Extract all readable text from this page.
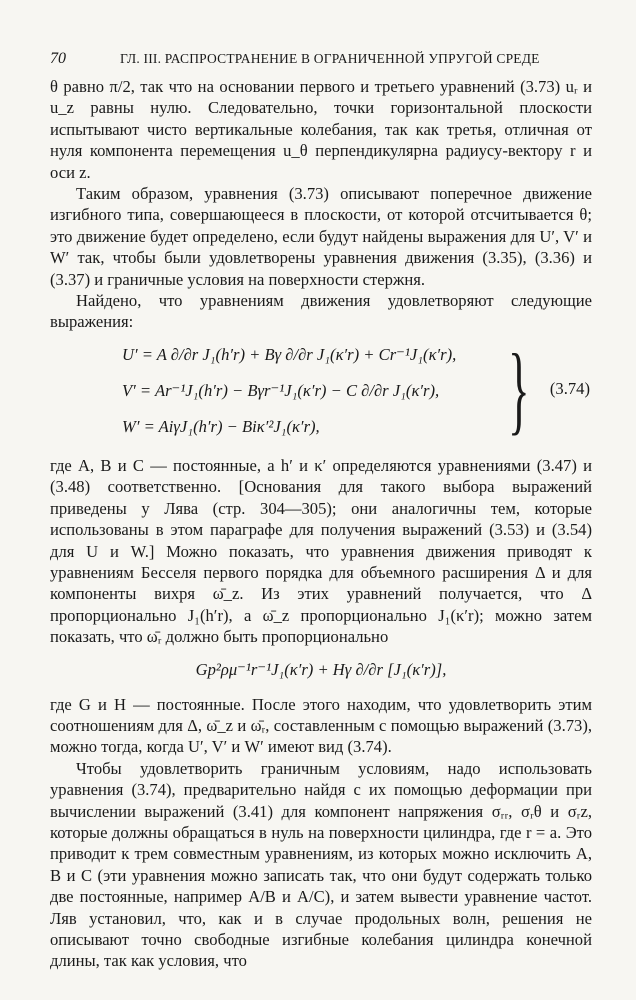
70	ГЛ. III. РАСПРОСТРАНЕНИЕ В ОГРАНИЧЕННОЙ УПРУГОЙ СРЕДЕ

θ равно π/2, так что на основании первого и третьего уравнений (3.73) uᵣ и u_z равны нулю. Следовательно, точки горизонтальной плоскости испытывают чисто вертикальные колебания, так как третья, отличная от нуля компонента перемещения u_θ перпендикулярна радиусу-вектору r и оси z.

Таким образом, уравнения (3.73) описывают поперечное движение изгибного типа, совершающееся в плоскости, от которой отсчитывается θ; это движение будет определено, если будут найдены выражения для U′, V′ и W′ так, чтобы были удовлетворены уравнения движения (3.35), (3.36) и (3.37) и граничные условия на поверхности стержня.

Найдено, что уравнениям движения удовлетворяют следующие выражения:

U′ = A ∂/∂r J₁(h′r) + Bγ ∂/∂r J₁(κ′r) + Cr⁻¹J₁(κ′r),
V′ = Ar⁻¹J₁(h′r) − Bγr⁻¹J₁(κ′r) − C ∂/∂r J₁(κ′r),
W′ = AiγJ₁(h′r) − Biκ′²J₁(κ′r), } (3.74)

где A, B и C — постоянные, а h′ и κ′ определяются уравнениями (3.47) и (3.48) соответственно. [Основания для такого выбора выражений приведены у Лява (стр. 304—305); они аналогичны тем, которые использованы в этом параграфе для получения выражений (3.53) и (3.54) для U и W.] Можно показать, что уравнения движения приводят к уравнениям Бесселя первого порядка для объемного расширения Δ и для компоненты вихря ω̄_z. Из этих уравнений получается, что Δ пропорционально J₁(h′r), а ω̄_z пропорционально J₁(κ′r); можно затем показать, что ω̄ᵣ должно быть пропорционально

Gp²ρμ⁻¹r⁻¹J₁(κ′r) + Hγ ∂/∂r [J₁(κ′r)],

где G и H — постоянные. После этого находим, что удовлетворить этим соотношениям для Δ, ω̄_z и ω̄ᵣ, составленным с помощью выражений (3.73), можно тогда, когда U′, V′ и W′ имеют вид (3.74).

Чтобы удовлетворить граничным условиям, надо использовать уравнения (3.74), предварительно найдя с их помощью деформации при вычислении выражений (3.41) для компонент напряжения σᵣᵣ, σᵣθ и σᵣz, которые должны обращаться в нуль на поверхности цилиндра, где r = a. Это приводит к трем совместным уравнениям, из которых можно исключить A, B и C (эти уравнения можно записать так, что они будут содержать только две постоянные, например A/B и A/C), и затем вывести уравнение частот. Ляв установил, что, как и в случае продольных волн, решения не описывают точно свободные изгибные колебания цилиндра конечной длины, так как условия, что
